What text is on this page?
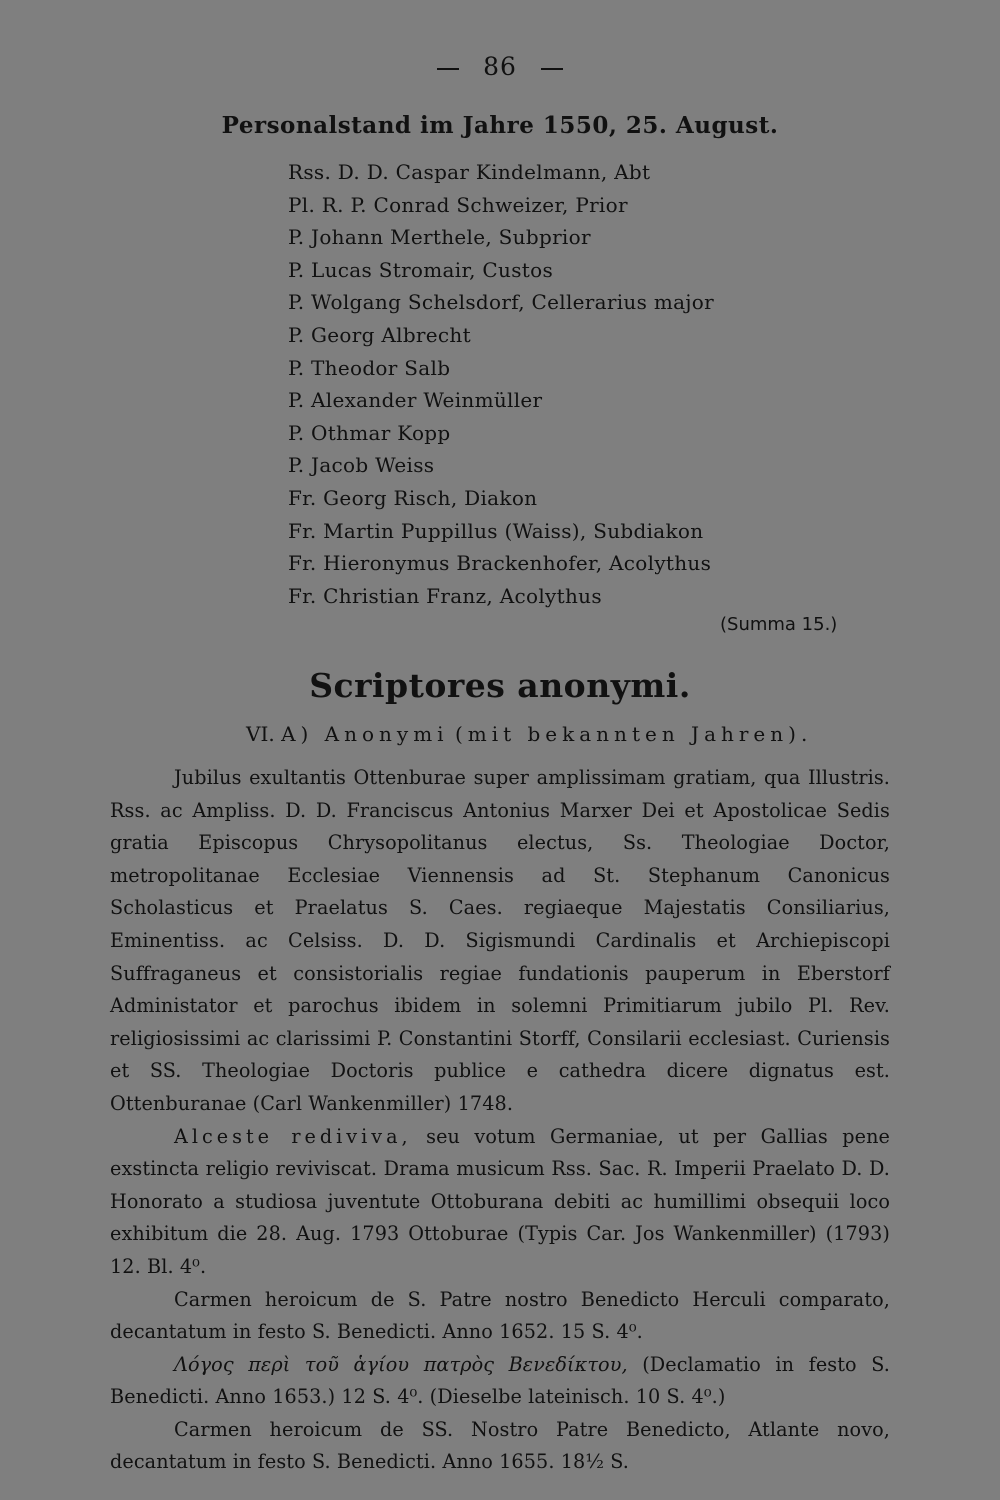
86
Personalstand im Jahre 1550, 25. August.
Rss. D. D. Caspar Kindelmann, Abt
Pl. R. P. Conrad Schweizer, Prior
P. Johann Merthele, Subprior
P. Lucas Stromair, Custos
P. Wolgang Schelsdorf, Cellerarius major
P. Georg Albrecht
P. Theodor Salb
P. Alexander Weinmüller
P. Othmar Kopp
P. Jacob Weiss
Fr. Georg Risch, Diakon
Fr. Martin Puppillus (Waiss), Subdiakon
Fr. Hieronymus Brackenhofer, Acolythus
Fr. Christian Franz, Acolythus
(Summa 15.)
Scriptores anonymi.
VI. A) Anonymi (mit bekannten Jahren).

Jubilus exultantis Ottenburae super amplissimam gratiam, qua Illustris. Rss. ac Ampliss. D. D. Franciscus Antonius Marxer Dei et Apostolicae Sedis gratia Episcopus Chrysopolitanus electus, Ss. Theologiae Doctor, metropolitanae Ecclesiae Viennensis ad St. Stephanum Canonicus Scholasticus et Praelatus S. Caes. regiaeque Majestatis Consiliarius, Eminentiss. ac Celsiss. D. D. Sigismundi Cardinalis et Archiepiscopi Suffraganeus et consistorialis regiae fundationis pauperum in Eberstorf Administator et parochus ibidem in solemni Primitiarum jubilo Pl. Rev. religiosissimi ac clarissimi P. Constantini Storff, Consilarii ecclesiast. Curiensis et SS. Theologiae Doctoris publice e cathedra dicere dignatus est. Ottenburanae (Carl Wankenmiller) 1748.

Alceste rediviva, seu votum Germaniae, ut per Gallias pene exstincta religio reviviscat. Drama musicum Rss. Sac. R. Imperii Praelato D. D. Honorato a studiosa juventute Ottoburana debiti ac humillimi obsequii loco exhibitum die 28. Aug. 1793 Ottoburae (Typis Car. Jos Wankenmiller) (1793) 12. Bl. 4⁰.

Carmen heroicum de S. Patre nostro Benedicto Herculi comparato, decantatum in festo S. Benedicti. Anno 1652. 15 S. 4⁰.

Λόγος περὶ τοῦ ἁγίου πατρὸς Βενεδίκτου, (Declamatio in festo S. Benedicti. Anno 1653.) 12 S. 4⁰. (Dieselbe lateinisch. 10 S. 4⁰.)

Carmen heroicum de SS. Nostro Patre Benedicto, Atlante novo, decantatum in festo S. Benedicti. Anno 1655. 18½ S.
